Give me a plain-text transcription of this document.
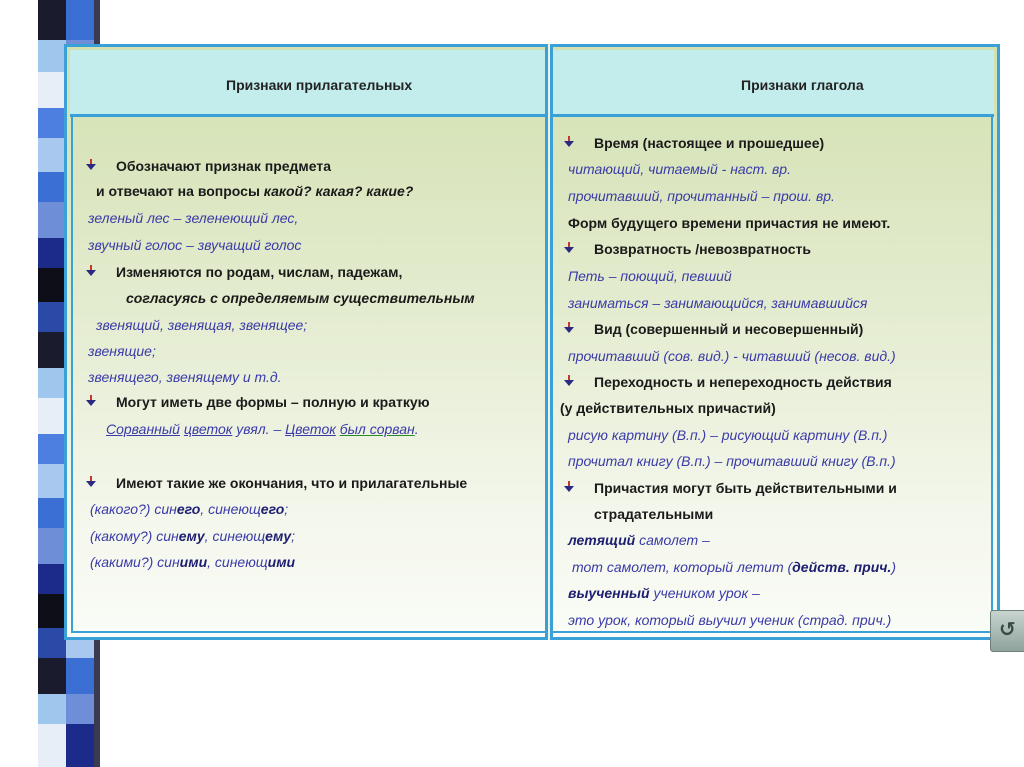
Признаки прилагательных	Признаки глагола
Обозначают признак предмета
и отвечают на вопросы какой? какая? какие?
зеленый лес – зеленеющий лес,
звучный голос – звучащий голос
Изменяются по родам, числам, падежам,
согласуясь с определяемым существительным
звенящий, звенящая, звенящее;
звенящие;
звенящего, звенящему и т.д.
Могут иметь две формы – полную и краткую
Сорванный цветок увял. – Цветок был сорван.
Имеют такие же окончания, что и прилагательные
(какого?) синего, синеющего;
(какому?) синему, синеющему;
(какими?) синими, синеющими
Время (настоящее и прошедшее)
читающий, читаемый - наст. вр.
прочитавший, прочитанный – прош. вр.
Форм будущего времени причастия не имеют.
Возвратность /невозвратность
Петь – поющий, певший
заниматься – занимающийся, занимавшийся
Вид (совершенный и несовершенный)
прочитавший (сов. вид.) - читавший (несов. вид.)
Переходность и непереходность действия
(у действительных причастий)
рисую картину (В.п.) – рисующий картину (В.п.)
прочитал книгу (В.п.) – прочитавший книгу (В.п.)
Причастия могут быть действительными и
страдательными
летящий самолет –
тот самолет, который летит (действ. прич.)
выученный учеником урок –
это урок, который выучил ученик (страд. прич.)	↺
